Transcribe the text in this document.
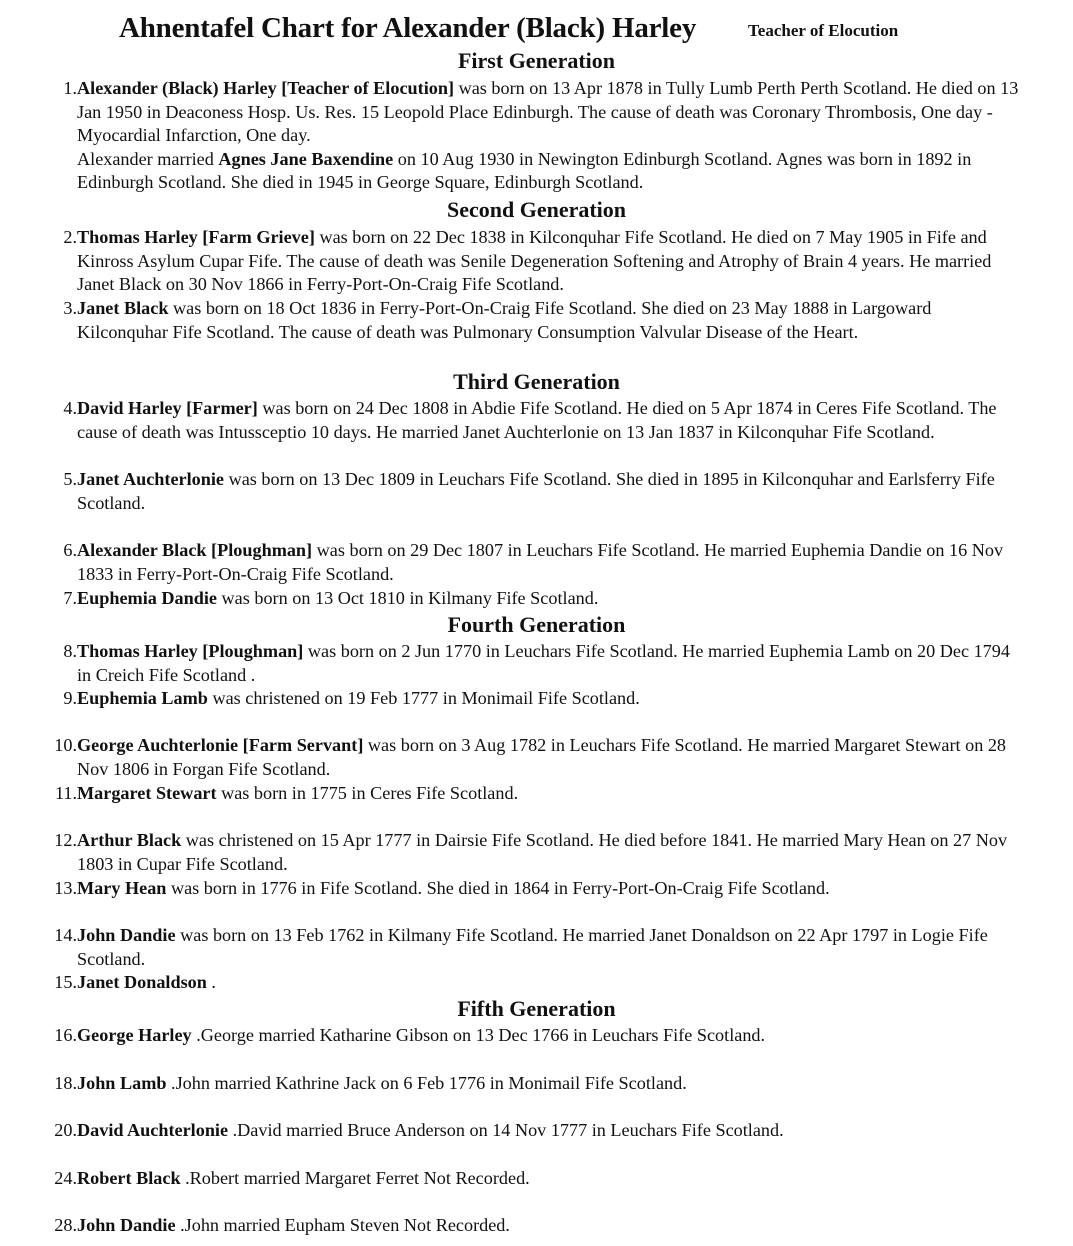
Ahnentafel Chart for Alexander (Black) Harley	Teacher of Elocution
First Generation
1. Alexander (Black) Harley [Teacher of Elocution] was born on 13 Apr 1878 in Tully Lumb Perth Perth Scotland. He died on 13 Jan 1950 in Deaconess Hosp. Us. Res. 15 Leopold Place Edinburgh. The cause of death was Coronary Thrombosis, One day - Myocardial Infarction, One day.
Alexander married Agnes Jane Baxendine on 10 Aug 1930 in Newington Edinburgh Scotland. Agnes was born in 1892 in Edinburgh Scotland. She died in 1945 in George Square, Edinburgh Scotland.
Second Generation
2. Thomas Harley [Farm Grieve] was born on 22 Dec 1838 in Kilconquhar Fife Scotland. He died on 7 May 1905 in Fife and Kinross Asylum Cupar Fife. The cause of death was Senile Degeneration Softening and Atrophy of Brain 4 years. He married Janet Black on 30 Nov 1866 in Ferry-Port-On-Craig Fife Scotland.
3. Janet Black was born on 18 Oct 1836 in Ferry-Port-On-Craig Fife Scotland. She died on 23 May 1888 in Largoward Kilconquhar Fife Scotland. The cause of death was Pulmonary Consumption Valvular Disease of the Heart.
Third Generation
4. David Harley [Farmer] was born on 24 Dec 1808 in Abdie Fife Scotland. He died on 5 Apr 1874 in Ceres Fife Scotland. The cause of death was Intussceptio 10 days. He married Janet Auchterlonie on 13 Jan 1837 in Kilconquhar Fife Scotland.
5. Janet Auchterlonie was born on 13 Dec 1809 in Leuchars Fife Scotland. She died in 1895 in Kilconquhar and Earlsferry Fife Scotland.
6. Alexander Black [Ploughman] was born on 29 Dec 1807 in Leuchars Fife Scotland. He married Euphemia Dandie on 16 Nov 1833 in Ferry-Port-On-Craig Fife Scotland.
7. Euphemia Dandie was born on 13 Oct 1810 in Kilmany Fife Scotland.
Fourth Generation
8. Thomas Harley [Ploughman] was born on 2 Jun 1770 in Leuchars Fife Scotland. He married Euphemia Lamb on 20 Dec 1794 in Creich Fife Scotland .
9. Euphemia Lamb was christened on 19 Feb 1777 in Monimail Fife Scotland.
10. George Auchterlonie [Farm Servant] was born on 3 Aug 1782 in Leuchars Fife Scotland. He married Margaret Stewart on 28 Nov 1806 in Forgan Fife Scotland.
11. Margaret Stewart was born in 1775 in Ceres Fife Scotland.
12. Arthur Black was christened on 15 Apr 1777 in Dairsie Fife Scotland. He died before 1841. He married Mary Hean on 27 Nov 1803 in Cupar Fife Scotland.
13. Mary Hean was born in 1776 in Fife Scotland. She died in 1864 in Ferry-Port-On-Craig Fife Scotland.
14. John Dandie was born on 13 Feb 1762 in Kilmany Fife Scotland. He married Janet Donaldson on 22 Apr 1797 in Logie Fife Scotland.
15. Janet Donaldson .
Fifth Generation
16. George Harley .George married Katharine Gibson on 13 Dec 1766 in Leuchars Fife Scotland.
18. John Lamb .John married Kathrine Jack on 6 Feb 1776 in Monimail Fife Scotland.
20. David Auchterlonie .David married Bruce Anderson on 14 Nov 1777 in Leuchars Fife Scotland.
24. Robert Black .Robert married Margaret Ferret Not Recorded.
28. John Dandie .John married Eupham Steven Not Recorded.
